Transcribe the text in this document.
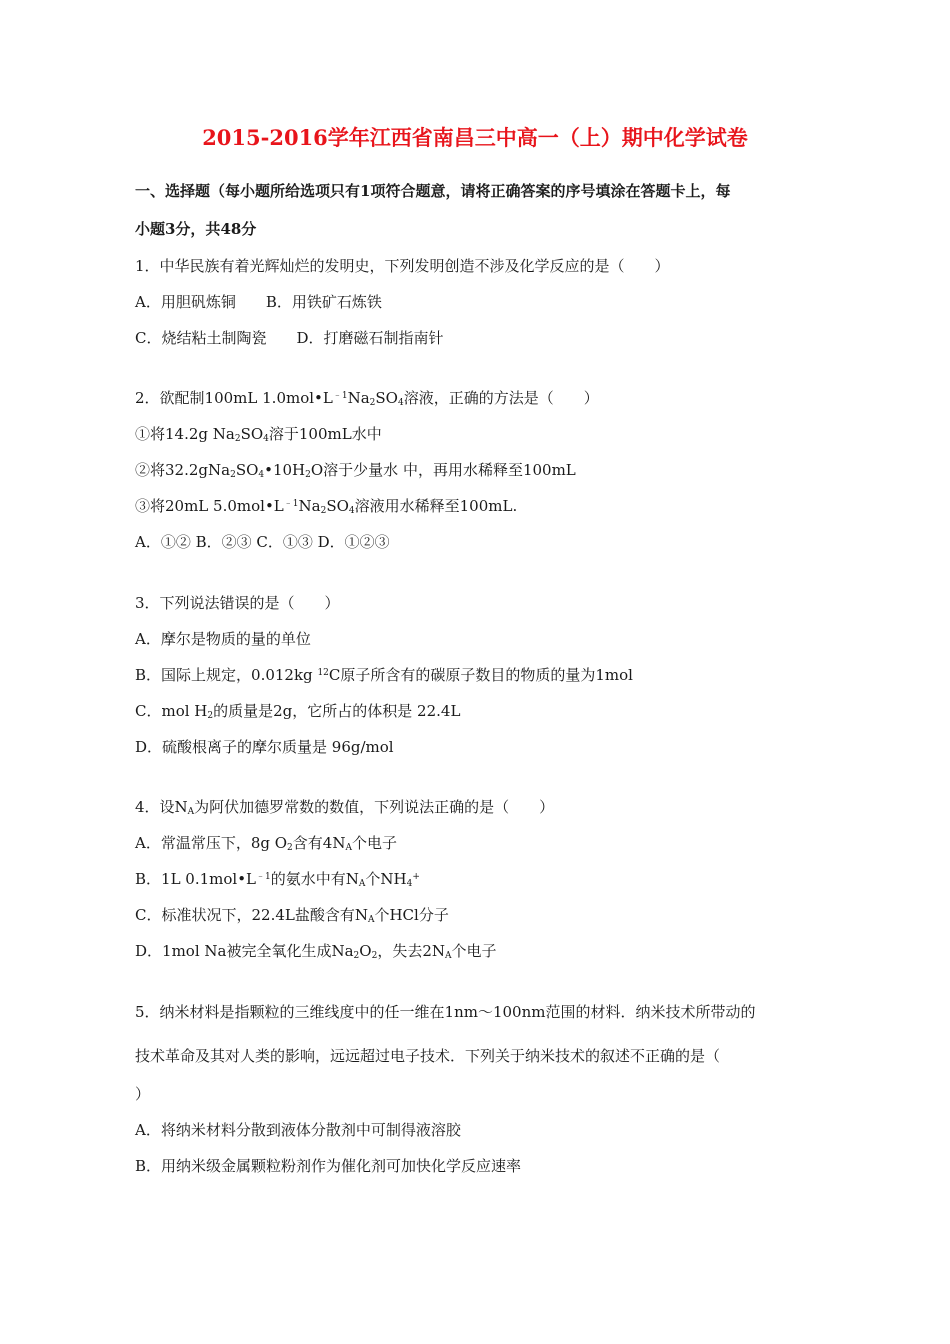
2015-2016学年江西省南昌三中高一（上）期中化学试卷
一、选择题（每小题所给选项只有1项符合题意，请将正确答案的序号填涂在答题卡上，每
小题3分，共48分
1．中华民族有着光辉灿烂的发明史，下列发明创造不涉及化学反应的是（　　）
A．用胆矾炼铜　　B．用铁矿石炼铁
C．烧结粘土制陶瓷　　D．打磨磁石制指南针
2．欲配制100mL $1.0mol•L^{﹣1}Na_2SO_4$溶液，正确的方法是（　　）
①将14.2g $Na_2SO_4$溶于100mL水中
②将$32.2gNa_2SO_4•10H_2O$溶于少量水 中，再用水稀释至100mL
③将20mL $5.0mol•L^{﹣1}Na_2SO_4$溶液用水稀释至100mL.
A．①② B．②③ C．①③ D．①②③
3．下列说法错误的是（　　）
A．摩尔是物质的量的单位
B．国际上规定，0.012kg $^{12}$C原子所含有的碳原子数目的物质的量为1mol
C．mol $H_2$的质量是2g，它所占的体积是 22.4L
D．硫酸根离子的摩尔质量是 96g/mol
4．设$N_A$为阿伏加德罗常数的数值，下列说法正确的是（　　）
A．常温常压下，8g $O_2$含有$4N_A$个电子
B．1L $0.1mol•L^{﹣1}$的氨水中有$N_A$个$NH_4^+$
C．标准状况下，22.4L盐酸含有$N_A$个HCl分子
D．1mol Na被完全氧化生成$Na_2O_2$，失去$2N_A$个电子
5．纳米材料是指颗粒的三维线度中的任一维在1nm～100nm范围的材料．纳米技术所带动的
技术革命及其对人类的影响，远远超过电子技术．下列关于纳米技术的叙述不正确的是（
）
A．将纳米材料分散到液体分散剂中可制得液溶胶
B．用纳米级金属颗粒粉剂作为催化剂可加快化学反应速率
